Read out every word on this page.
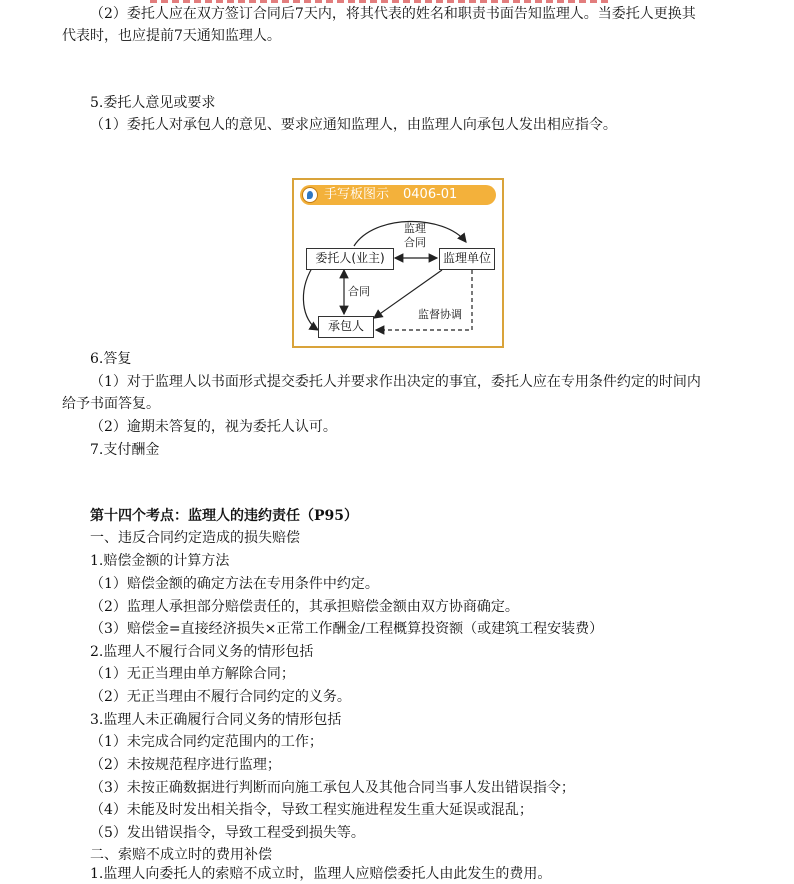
（2）委托人应在双方签订合同后7天内，将其代表的姓名和职责书面告知监理人。当委托人更换其
代表时，也应提前7天通知监理人。
5.委托人意见或要求
（1）委托人对承包人的意见、要求应通知监理人，由监理人向承包人发出相应指令。
手写板图示 0406-01
委托人(业主)	监理单位
承包人
监理
合同
合同
监督协调
6.答复
（1）对于监理人以书面形式提交委托人并要求作出决定的事宜，委托人应在专用条件约定的时间内
给予书面答复。
（2）逾期未答复的，视为委托人认可。
7.支付酬金
第十四个考点：监理人的违约责任（P95）
一、违反合同约定造成的损失赔偿
1.赔偿金额的计算方法
（1）赔偿金额的确定方法在专用条件中约定。
（2）监理人承担部分赔偿责任的，其承担赔偿金额由双方协商确定。
（3）赔偿金=直接经济损失×正常工作酬金/工程概算投资额（或建筑工程安装费）
2.监理人不履行合同义务的情形包括
（1）无正当理由单方解除合同；
（2）无正当理由不履行合同约定的义务。
3.监理人未正确履行合同义务的情形包括
（1）未完成合同约定范围内的工作；
（2）未按规范程序进行监理；
（3）未按正确数据进行判断而向施工承包人及其他合同当事人发出错误指令；
（4）未能及时发出相关指令，导致工程实施进程发生重大延误或混乱；
（5）发出错误指令，导致工程受到损失等。
二、索赔不成立时的费用补偿
1.监理人向委托人的索赔不成立时，监理人应赔偿委托人由此发生的费用。
